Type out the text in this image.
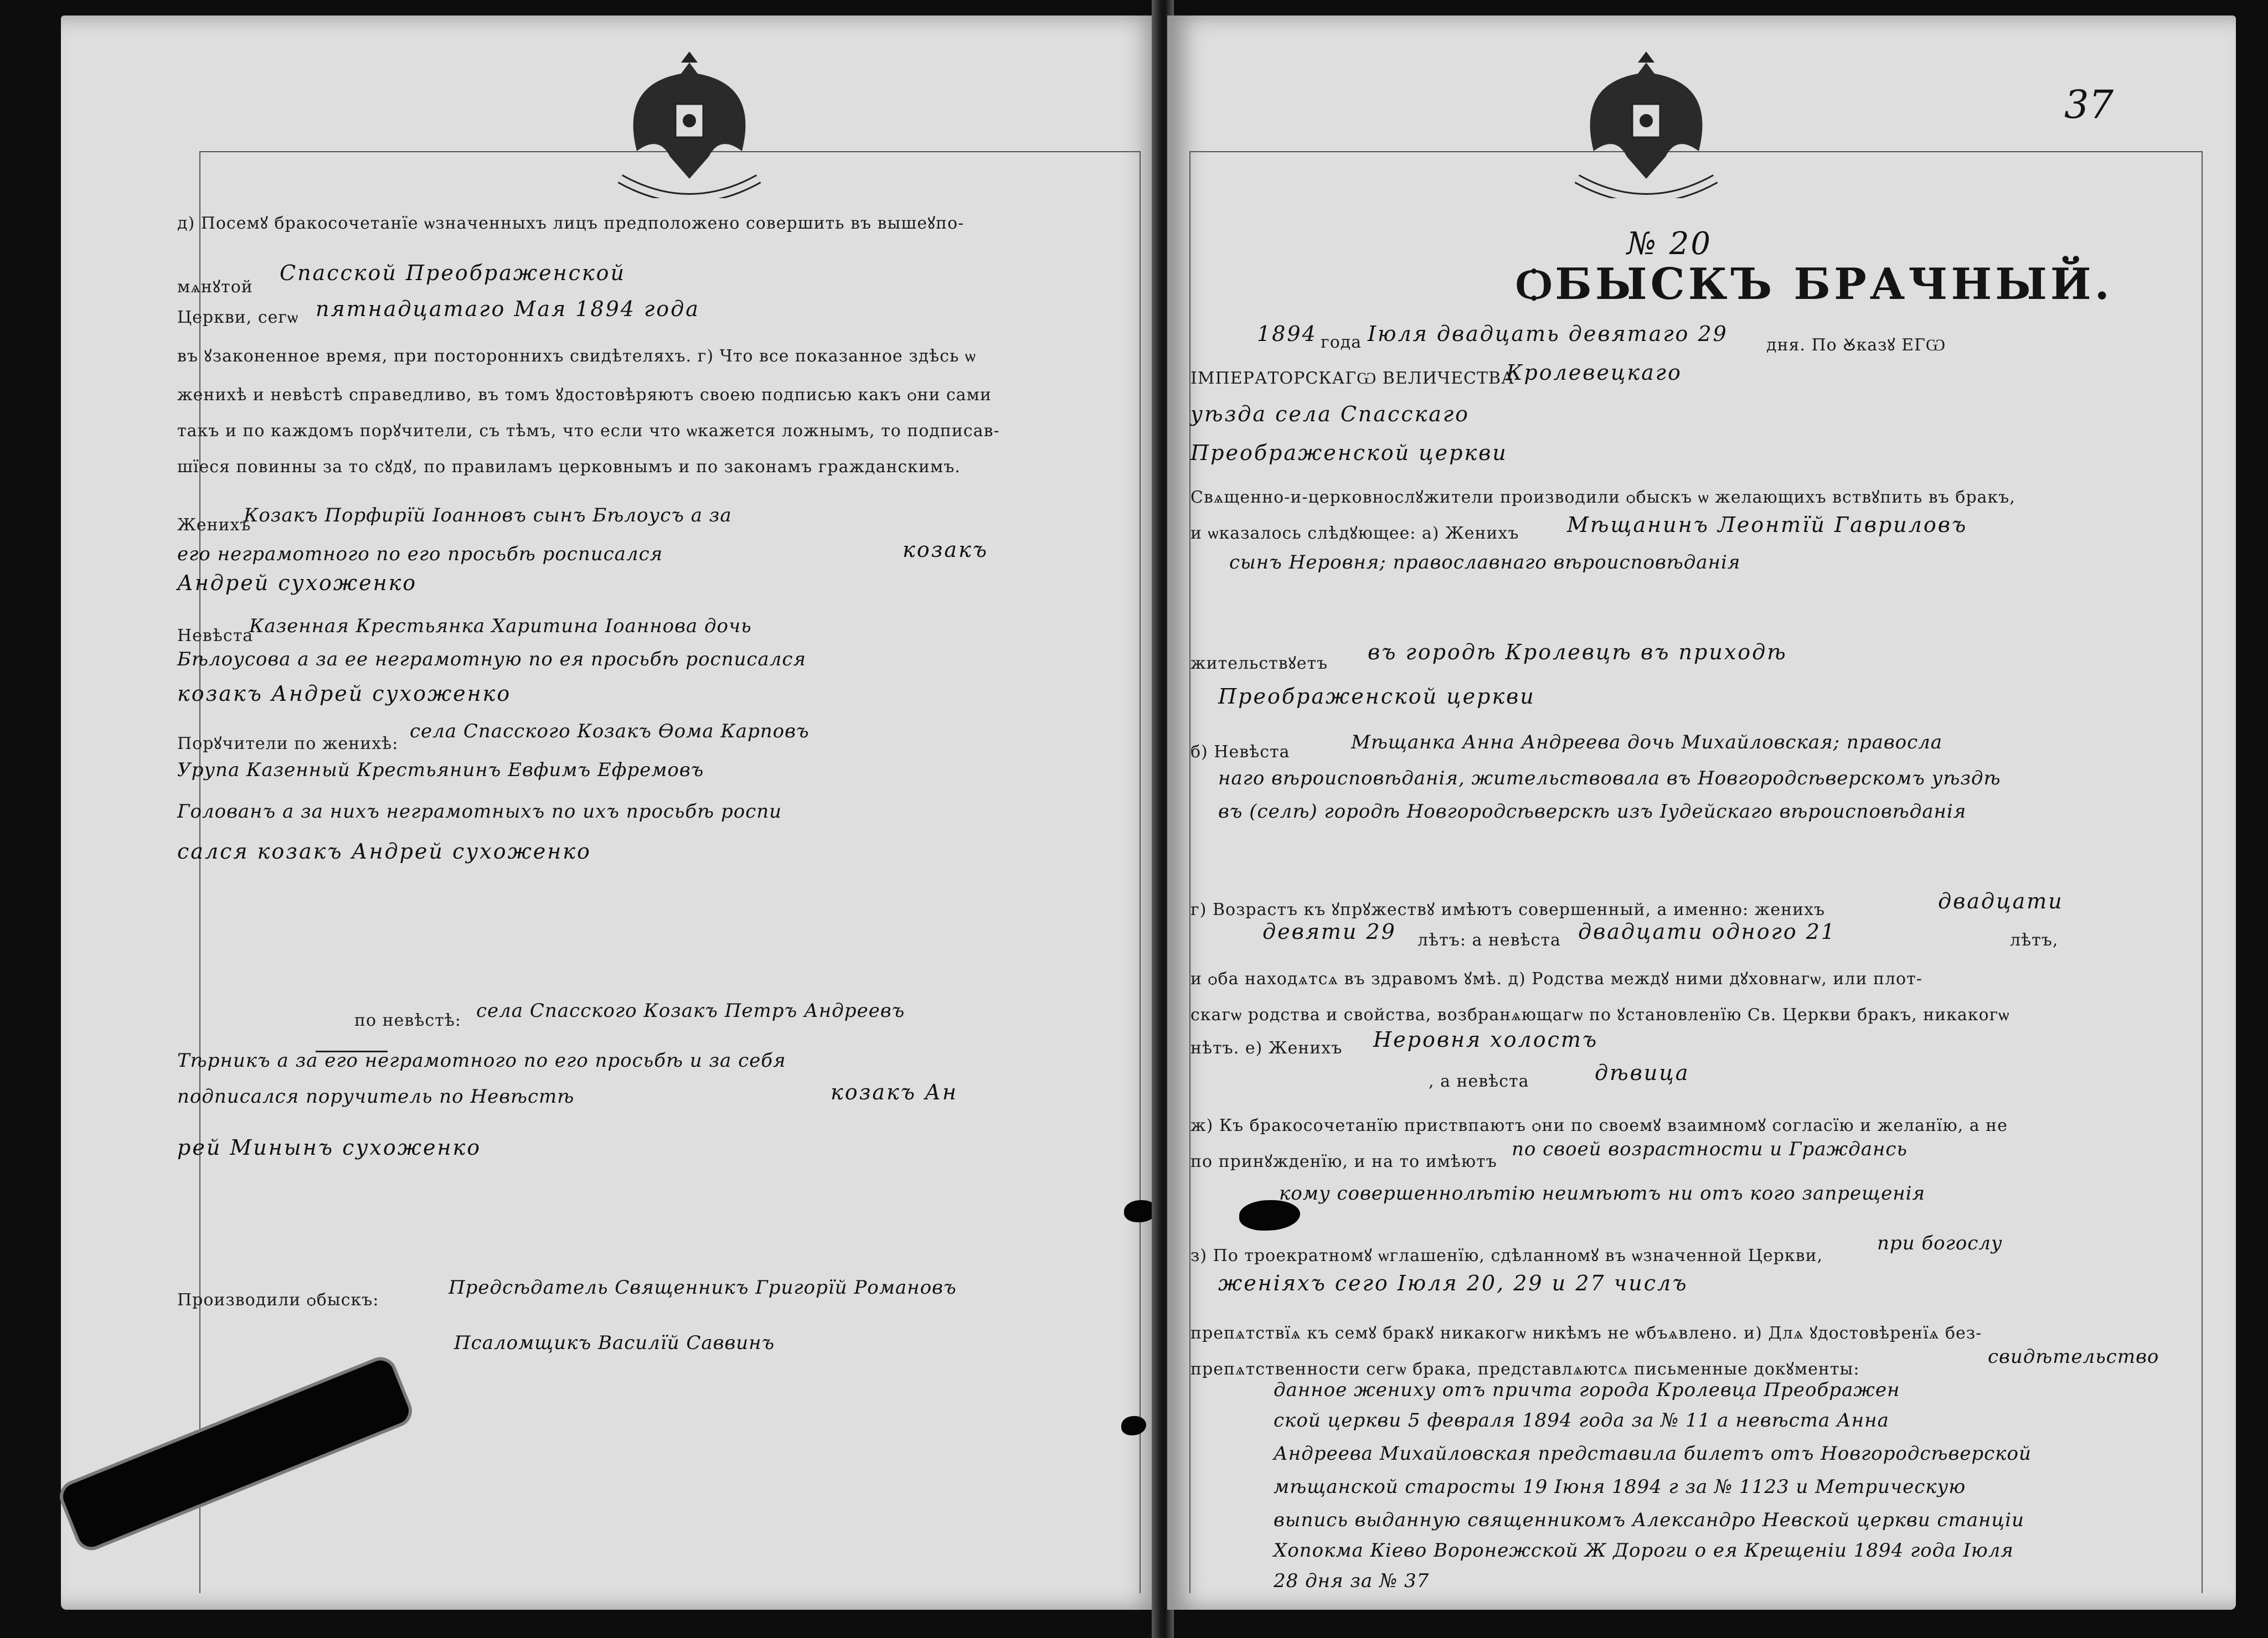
д) Посемꙋ бракосочетанїе ѡзначенныхъ лицъ предположено совершить въ вышеꙋпо-
мѧнꙋтой
Спасской Преображенской
Церкви, сегѡ пятнадцатаго Мая 1894 года
въ ꙋзаконенное время, при постороннихъ свидѣтеляхъ. г) Что все показанное здѣсь ѡ
женихѣ и невѣстѣ справедливо, въ томъ ꙋдостовѣряютъ своею подписью какъ ѻни сами
такъ и по каждомъ порꙋчители, съ тѣмъ, что если что ѡкажется ложнымъ, то подписав-
шїеся повинны за то сꙋдꙋ, по правиламъ церковнымъ и по законамъ гражданскимъ.
Женихъ
Козакъ Порфирїй Іоанновъ сынъ Бѣлоусъ а за
его неграмотного по его просьбѣ росписался	козакъ
Андрей сухоженко
Невѣста
Казенная Крестьянка Харитина Іоаннова дочь
Бѣлоусова а за ее неграмотную по ея просьбѣ росписался
козакъ Андрей сухоженко
Порꙋчители по женихѣ:
села Спасского Козакъ Ѳома Карповъ
Урупа Казенный Крестьянинъ Евфимъ Ефремовъ
Голованъ а за нихъ неграмотныхъ по ихъ просьбѣ роспи
сался козакъ Андрей сухоженко
по невѣстѣ: села Спасского Козакъ Петръ Андреевъ
Тѣрникъ а за его неграмотного по его просьбѣ и за себя
подписался поручитель по Невѣстѣ	козакъ Ан
рей Минынъ сухоженко
Производили ѻбыскъ:
Предсѣдатель Священникъ Григорїй Романовъ
Псаломщикъ Василїй Саввинъ
37
№ 20
ѺБЫСКЪ БРАЧНЫЙ.
1894 года Іюля двадцать девятаго 29 дня. По Ꙋказꙋ ЕГѠ
ІМПЕРАТОРСКАГѠ ВЕЛИЧЕСТВА
Кролевецкаго
уѣзда села Спасскаго
Преображенской церкви
Свѧщенно-и-церковнослꙋжители производили ѻбыскъ ѡ желающихъ вствꙋпить въ бракъ,
и ѡказалось слѣдꙋющее: а) Женихъ Мѣщанинъ Леонтїй Гавриловъ
сынъ Неровня; православнаго вѣроисповѣданія
жительствꙋетъ въ городѣ Кролевцѣ въ приходѣ
Преображенской церкви
б) Невѣста	Мѣщанка Анна Андреева дочь Михайловская; правосла
наго вѣроисповѣданія, жительствовала въ Новгородсѣверскомъ уѣздѣ
въ (селѣ) городѣ Новгородсѣверскѣ изъ Іудейскаго вѣроисповѣданія
г) Возрастъ къ ꙋпрꙋжествꙋ имѣютъ совершенный, а именно: женихъ	двадцати
девяти 29 лѣтъ: а невѣста двадцати одного 21	лѣтъ,
и ѻба находѧтсѧ въ здравомъ ꙋмѣ. д) Родства междꙋ ними дꙋховнагѡ, или плот-
скагѡ родства и свойства, возбранѧющагѡ по ꙋстановленїю Св. Церкви бракъ, никакогѡ
нѣтъ. е) Женихъ Неровня холостъ
, а невѣста	дѣвица
ж) Къ бракосочетанїю приствпаютъ ѻни по своемꙋ взаимномꙋ согласїю и желанїю, а не
по принꙋжденїю, и на то имѣютъ
по своей возрастности и Граждансь
кому совершеннолѣтію неимѣютъ ни отъ кого запрещенія
з) По троекратномꙋ ѡглашенїю, сдѣланномꙋ въ ѡзначенной Церкви,
при богослу
женіяхъ сего Іюля 20, 29 и 27 числъ
препѧтствїѧ къ семꙋ бракꙋ никакогѡ никѣмъ не ѡбъѧвлено. и) Длѧ ꙋдостовѣренїѧ без-
препѧтственности сегѡ брака, представлѧютсѧ письменные докꙋменты:
свидѣтельство
данное жениху отъ причта города Кролевца Преображен
ской церкви 5 февраля 1894 года за № 11 а невѣста Анна
Андреева Михайловская представила билетъ отъ Новгородсѣверской
мѣщанской старосты 19 Іюня 1894 г за № 1123 и Метрическую
выпись выданную священникомъ Александро Невской церкви станціи
Хопокма Кіево Воронежской Ж Дороги о ея Крещеніи 1894 года Іюля
28 дня за № 37
